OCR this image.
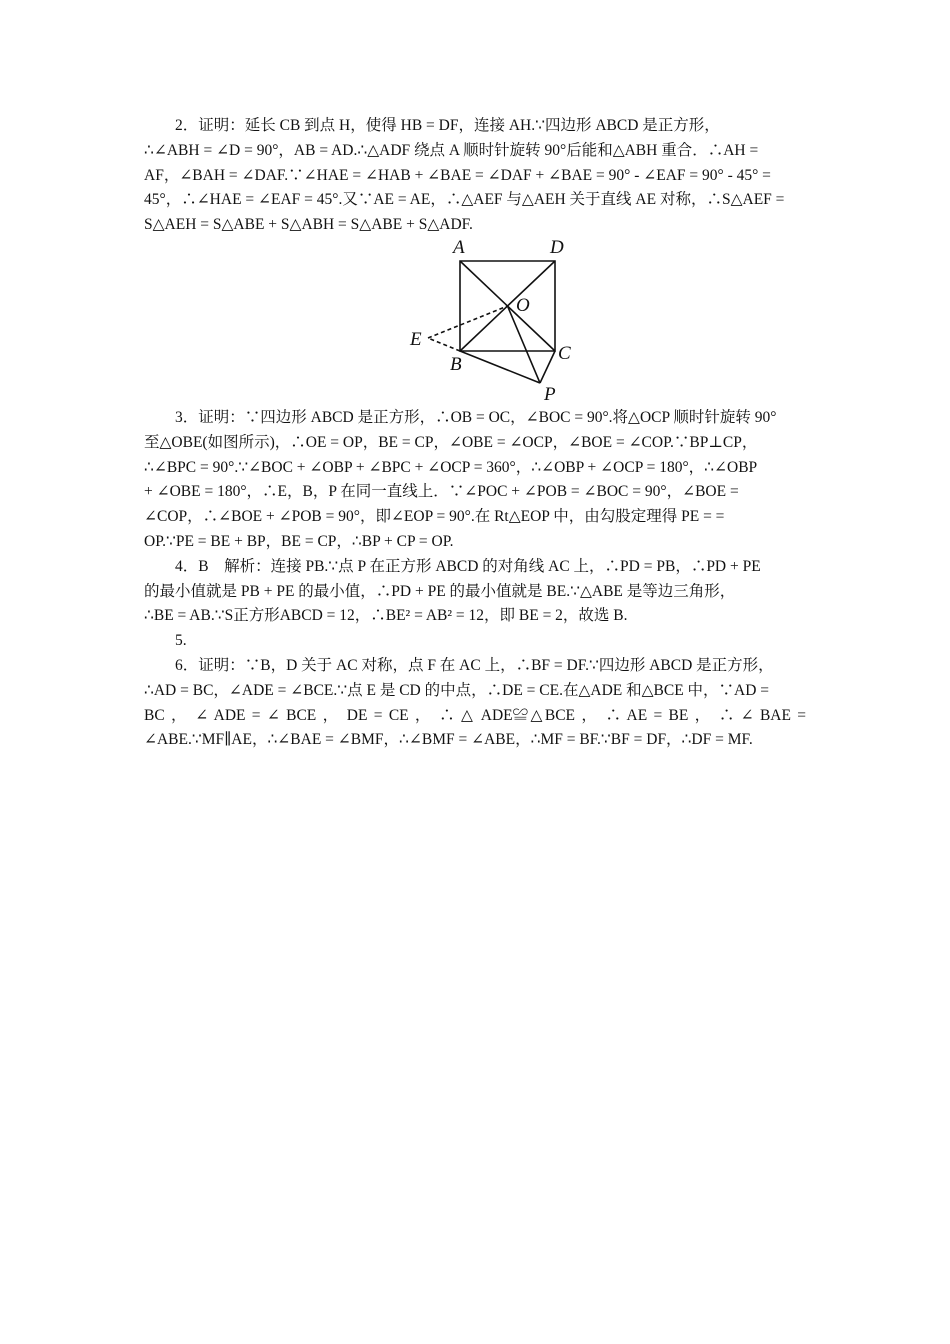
2．证明：延长 CB 到点 H，使得 HB = DF，连接 AH.∵四边形 ABCD 是正方形，
∴∠ABH = ∠D = 90°，AB = AD.∴△ADF 绕点 A 顺时针旋转 90°后能和△ABH 重合．∴AH =
AF，∠BAH = ∠DAF.∵∠HAE = ∠HAB + ∠BAE = ∠DAF + ∠BAE = 90° - ∠EAF = 90° - 45° =
45°，∴∠HAE = ∠EAF = 45°.又∵AE = AE，∴△AEF 与△AEH 关于直线 AE 对称，∴S△AEF =
S△AEH = S△ABE + S△ABH = S△ABE + S△ADF.
A	D
O
E
B
C
P
3．证明：∵四边形 ABCD 是正方形，∴OB = OC，∠BOC = 90°.将△OCP 顺时针旋转 90°
至△OBE(如图所示)，∴OE = OP，BE = CP，∠OBE = ∠OCP，∠BOE = ∠COP.∵BP⊥CP，
∴∠BPC = 90°.∵∠BOC + ∠OBP + ∠BPC + ∠OCP = 360°，∴∠OBP + ∠OCP = 180°，∴∠OBP
+ ∠OBE = 180°，∴E，B，P 在同一直线上．∵∠POC + ∠POB = ∠BOC = 90°，∠BOE =
∠COP，∴∠BOE + ∠POB = 90°，即∠EOP = 90°.在 Rt△EOP 中，由勾股定理得 PE = =
OP.∵PE = BE + BP，BE = CP，∴BP + CP = OP.
4．B　解析：连接 PB.∵点 P 在正方形 ABCD 的对角线 AC 上，∴PD = PB，∴PD + PE
的最小值就是 PB + PE 的最小值，∴PD + PE 的最小值就是 BE.∵△ABE 是等边三角形，
∴BE = AB.∵S正方形ABCD = 12，∴BE² = AB² = 12，即 BE = 2，故选 B.
5.
6．证明：∵B，D 关于 AC 对称，点 F 在 AC 上，∴BF = DF.∵四边形 ABCD 是正方形，
∴AD = BC，∠ADE = ∠BCE.∵点 E 是 CD 的中点，∴DE = CE.在△ADE 和△BCE 中，∵AD =
BC ， ∠ ADE = ∠ BCE ， DE = CE ， ∴ △ ADE≌△BCE ， ∴ AE = BE ， ∴ ∠ BAE =
∠ABE.∵MF∥AE，∴∠BAE = ∠BMF，∴∠BMF = ∠ABE，∴MF = BF.∵BF = DF，∴DF = MF.
